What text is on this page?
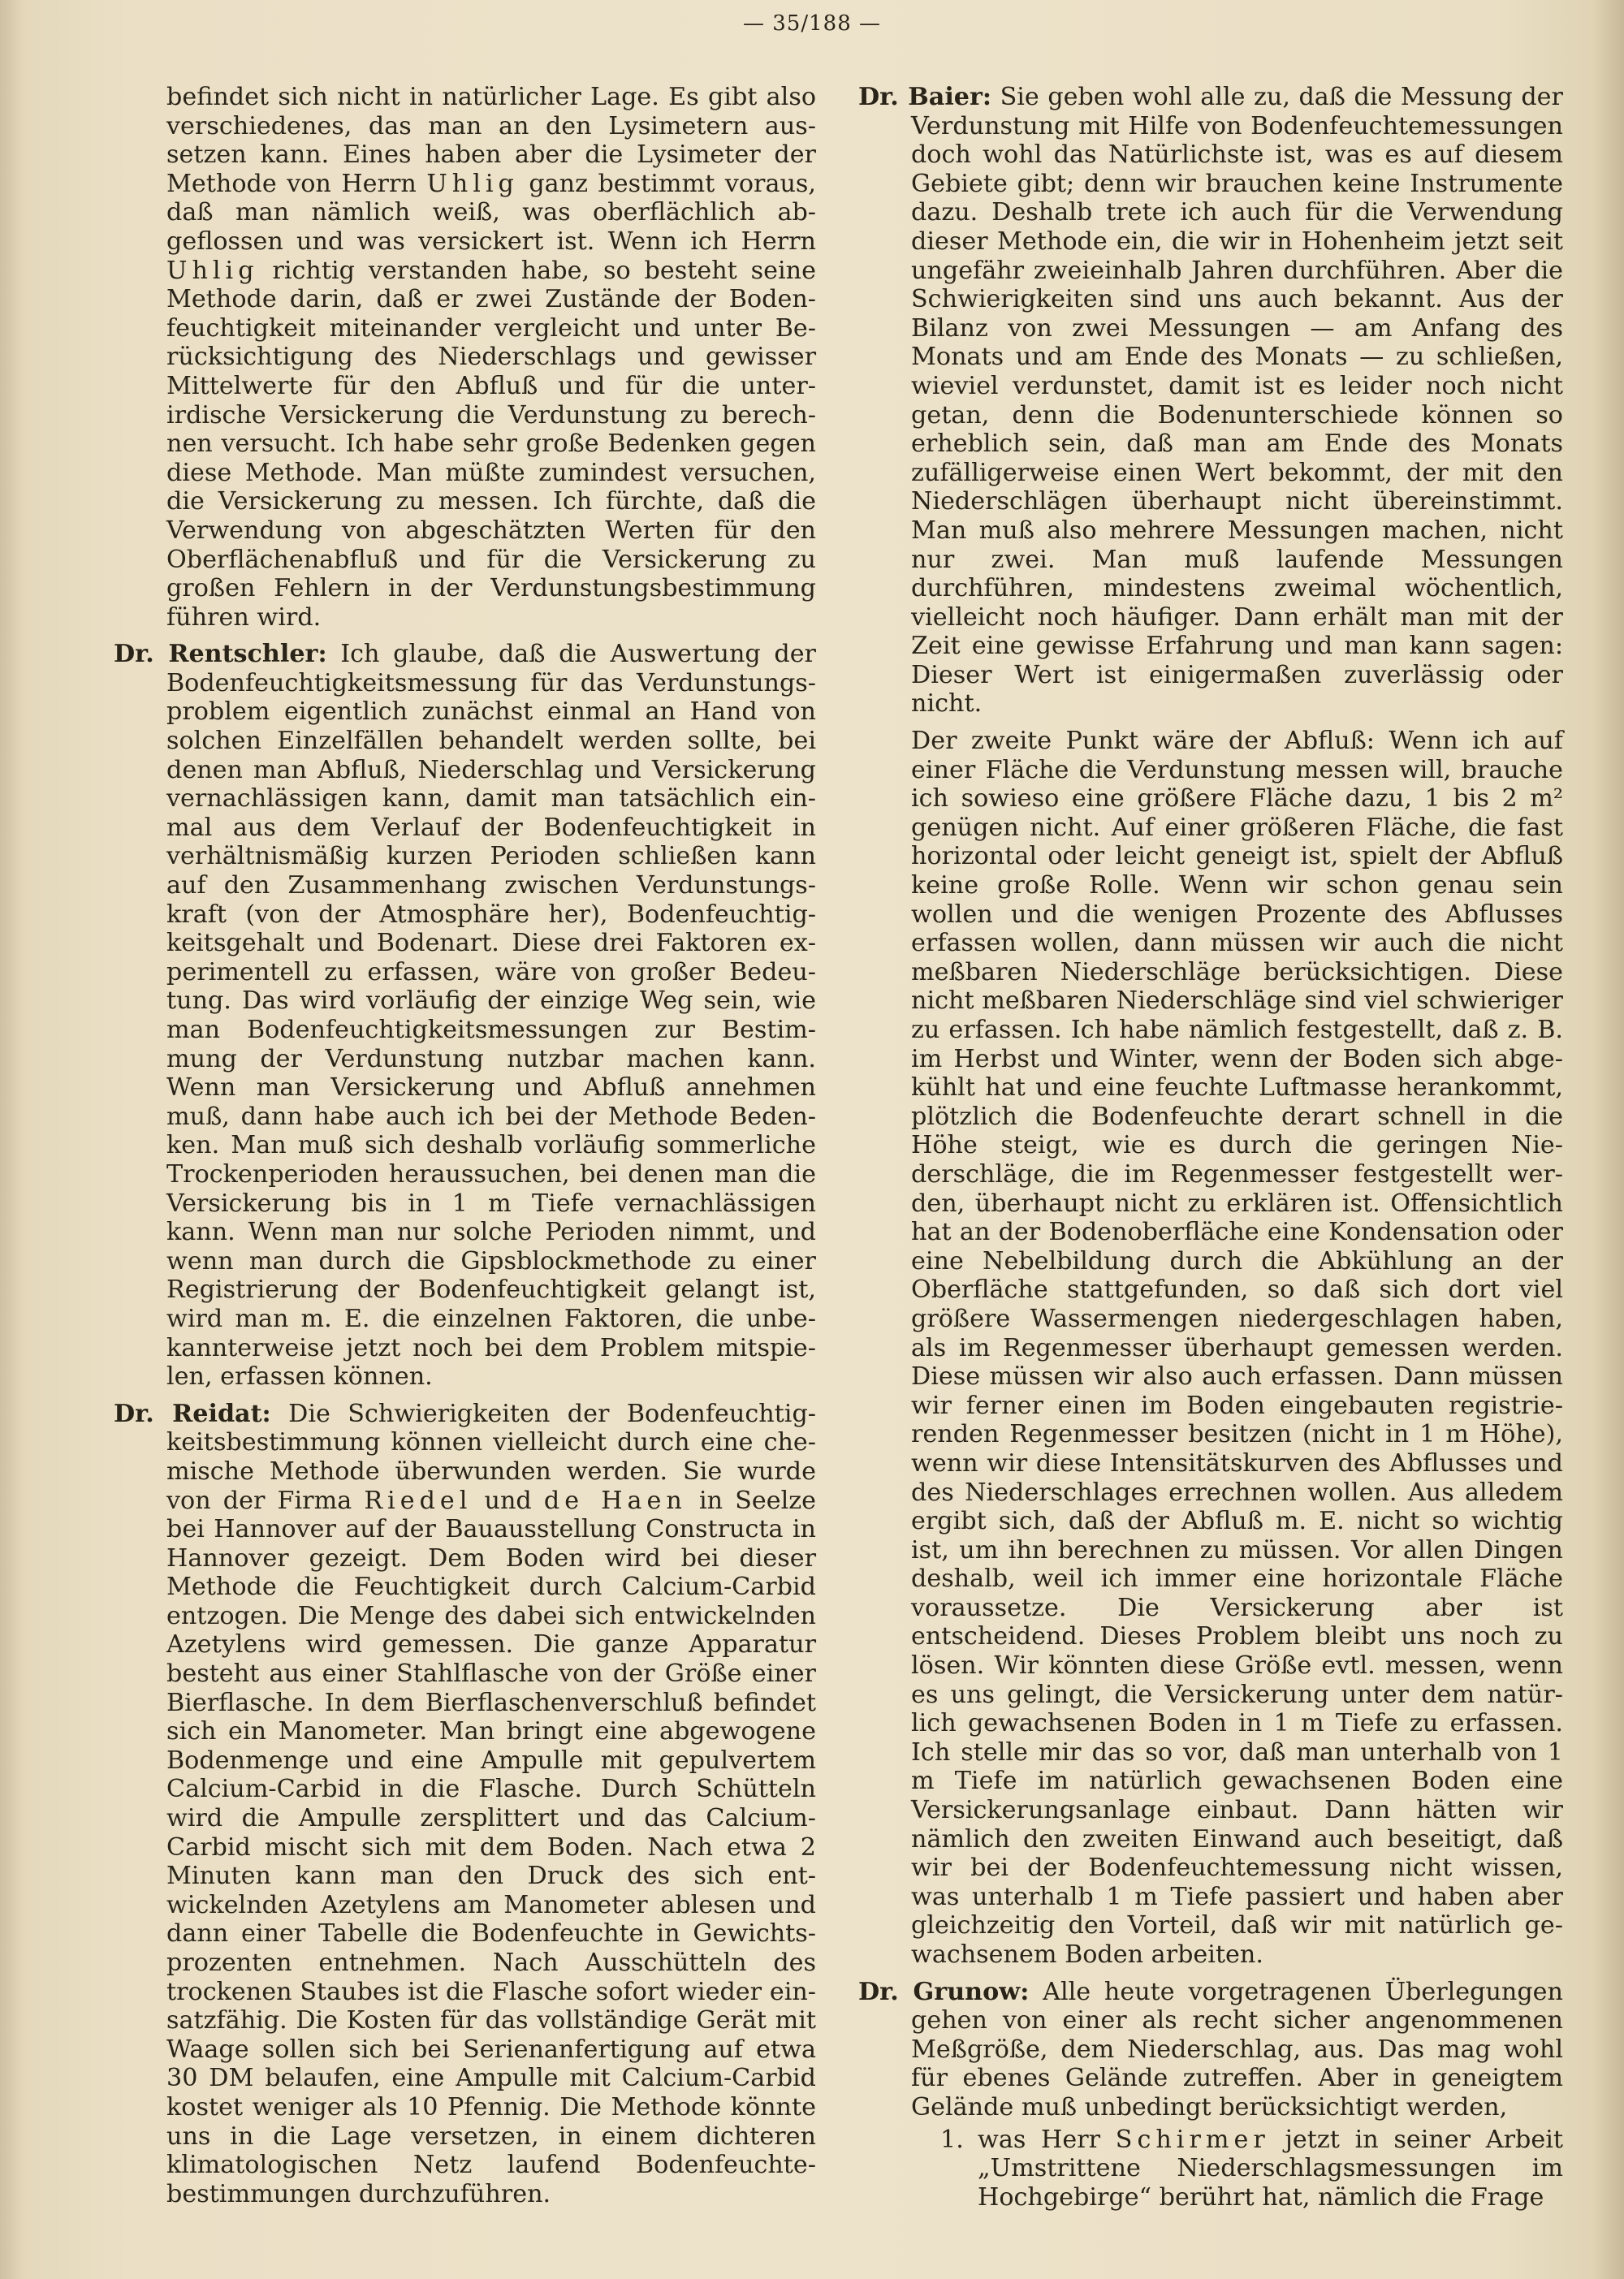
— 35/188 —

befindet sich nicht in natürlicher Lage. Es gibt also verschiedenes, das man an den Lysimetern aussetzen kann. Eines haben aber die Lysimeter der Methode von Herrn Uhlig ganz bestimmt voraus, daß man nämlich weiß, was oberflächlich abgeflossen und was versickert ist. Wenn ich Herrn Uhlig richtig verstanden habe, so besteht seine Methode darin, daß er zwei Zustände der Bodenfeuchtigkeit miteinander vergleicht und unter Berücksichtigung des Niederschlags und gewisser Mittelwerte für den Abfluß und für die unterirdische Versickerung die Verdunstung zu berechnen versucht. Ich habe sehr große Bedenken gegen diese Methode. Man müßte zumindest versuchen, die Versickerung zu messen. Ich fürchte, daß die Verwendung von abgeschätzten Werten für den Oberflächenabfluß und für die Versickerung zu großen Fehlern in der Verdunstungsbestimmung führen wird.

Dr. Rentschler: Ich glaube, daß die Auswertung der Bodenfeuchtigkeitsmessung für das Verdunstungsproblem eigentlich zunächst einmal an Hand von solchen Einzelfällen behandelt werden sollte, bei denen man Abfluß, Niederschlag und Versickerung vernachlässigen kann, damit man tatsächlich einmal aus dem Verlauf der Bodenfeuchtigkeit in verhältnismäßig kurzen Perioden schließen kann auf den Zusammenhang zwischen Verdunstungskraft (von der Atmosphäre her), Bodenfeuchtigkeitsgehalt und Bodenart. Diese drei Faktoren experimentell zu erfassen, wäre von großer Bedeutung. Das wird vorläufig der einzige Weg sein, wie man Bodenfeuchtigkeitsmessungen zur Bestimmung der Verdunstung nutzbar machen kann. Wenn man Versickerung und Abfluß annehmen muß, dann habe auch ich bei der Methode Bedenken. Man muß sich deshalb vorläufig sommerliche Trockenperioden heraussuchen, bei denen man die Versickerung bis in 1 m Tiefe vernachlässigen kann. Wenn man nur solche Perioden nimmt, und wenn man durch die Gipsblockmethode zu einer Registrierung der Bodenfeuchtigkeit gelangt ist, wird man m. E. die einzelnen Faktoren, die unbekannterweise jetzt noch bei dem Problem mitspielen, erfassen können.

Dr. Reidat: Die Schwierigkeiten der Bodenfeuchtigkeitsbestimmung können vielleicht durch eine chemische Methode überwunden werden. Sie wurde von der Firma Riedel und de Haen in Seelze bei Hannover auf der Bauausstellung Constructa in Hannover gezeigt. Dem Boden wird bei dieser Methode die Feuchtigkeit durch Calcium-Carbid entzogen. Die Menge des dabei sich entwickelnden Azetylens wird gemessen. Die ganze Apparatur besteht aus einer Stahlflasche von der Größe einer Bierflasche. In dem Bierflaschenverschluß befindet sich ein Manometer. Man bringt eine abgewogene Bodenmenge und eine Ampulle mit gepulvertem Calcium-Carbid in die Flasche. Durch Schütteln wird die Ampulle zersplittert und das Calcium-Carbid mischt sich mit dem Boden. Nach etwa 2 Minuten kann man den Druck des sich entwickelnden Azetylens am Manometer ablesen und dann einer Tabelle die Bodenfeuchte in Gewichtsprozenten entnehmen. Nach Ausschütteln des trockenen Staubes ist die Flasche sofort wieder einsatzfähig. Die Kosten für das vollständige Gerät mit Waage sollen sich bei Serienanfertigung auf etwa 30 DM belaufen, eine Ampulle mit Calcium-Carbid kostet weniger als 10 Pfennig. Die Methode könnte uns in die Lage versetzen, in einem dichteren klimatologischen Netz laufend Bodenfeuchtebestimmungen durchzuführen.

Dr. Baier: Sie geben wohl alle zu, daß die Messung der Verdunstung mit Hilfe von Bodenfeuchtemessungen doch wohl das Natürlichste ist, was es auf diesem Gebiete gibt; denn wir brauchen keine Instrumente dazu. Deshalb trete ich auch für die Verwendung dieser Methode ein, die wir in Hohenheim jetzt seit ungefähr zweieinhalb Jahren durchführen. Aber die Schwierigkeiten sind uns auch bekannt. Aus der Bilanz von zwei Messungen — am Anfang des Monats und am Ende des Monats — zu schließen, wieviel verdunstet, damit ist es leider noch nicht getan, denn die Bodenunterschiede können so erheblich sein, daß man am Ende des Monats zufälligerweise einen Wert bekommt, der mit den Niederschlägen überhaupt nicht übereinstimmt. Man muß also mehrere Messungen machen, nicht nur zwei. Man muß laufende Messungen durchführen, mindestens zweimal wöchentlich, vielleicht noch häufiger. Dann erhält man mit der Zeit eine gewisse Erfahrung und man kann sagen: Dieser Wert ist einigermaßen zuverlässig oder nicht.

Der zweite Punkt wäre der Abfluß: Wenn ich auf einer Fläche die Verdunstung messen will, brauche ich sowieso eine größere Fläche dazu, 1 bis 2 m² genügen nicht. Auf einer größeren Fläche, die fast horizontal oder leicht geneigt ist, spielt der Abfluß keine große Rolle. Wenn wir schon genau sein wollen und die wenigen Prozente des Abflusses erfassen wollen, dann müssen wir auch die nicht meßbaren Niederschläge berücksichtigen. Diese nicht meßbaren Niederschläge sind viel schwieriger zu erfassen. Ich habe nämlich festgestellt, daß z. B. im Herbst und Winter, wenn der Boden sich abgekühlt hat und eine feuchte Luftmasse herankommt, plötzlich die Bodenfeuchte derart schnell in die Höhe steigt, wie es durch die geringen Niederschläge, die im Regenmesser festgestellt werden, überhaupt nicht zu erklären ist. Offensichtlich hat an der Bodenoberfläche eine Kondensation oder eine Nebelbildung durch die Abkühlung an der Oberfläche stattgefunden, so daß sich dort viel größere Wassermengen niedergeschlagen haben, als im Regenmesser überhaupt gemessen werden. Diese müssen wir also auch erfassen. Dann müssen wir ferner einen im Boden eingebauten registrierenden Regenmesser besitzen (nicht in 1 m Höhe), wenn wir diese Intensitätskurven des Abflusses und des Niederschlages errechnen wollen. Aus alledem ergibt sich, daß der Abfluß m. E. nicht so wichtig ist, um ihn berechnen zu müssen. Vor allen Dingen deshalb, weil ich immer eine horizontale Fläche voraussetze. Die Versickerung aber ist entscheidend. Dieses Problem bleibt uns noch zu lösen. Wir könnten diese Größe evtl. messen, wenn es uns gelingt, die Versickerung unter dem natürlich gewachsenen Boden in 1 m Tiefe zu erfassen. Ich stelle mir das so vor, daß man unterhalb von 1 m Tiefe im natürlich gewachsenen Boden eine Versickerungsanlage einbaut. Dann hätten wir nämlich den zweiten Einwand auch beseitigt, daß wir bei der Bodenfeuchtemessung nicht wissen, was unterhalb 1 m Tiefe passiert und haben aber gleichzeitig den Vorteil, daß wir mit natürlich gewachsenem Boden arbeiten.

Dr. Grunow: Alle heute vorgetragenen Überlegungen gehen von einer als recht sicher angenommenen Meßgröße, dem Niederschlag, aus. Das mag wohl für ebenes Gelände zutreffen. Aber in geneigtem Gelände muß unbedingt berücksichtigt werden,

1. was Herr Schirmer jetzt in seiner Arbeit „Umstrittene Niederschlagsmessungen im Hochgebirge“ berührt hat, nämlich die Frage
